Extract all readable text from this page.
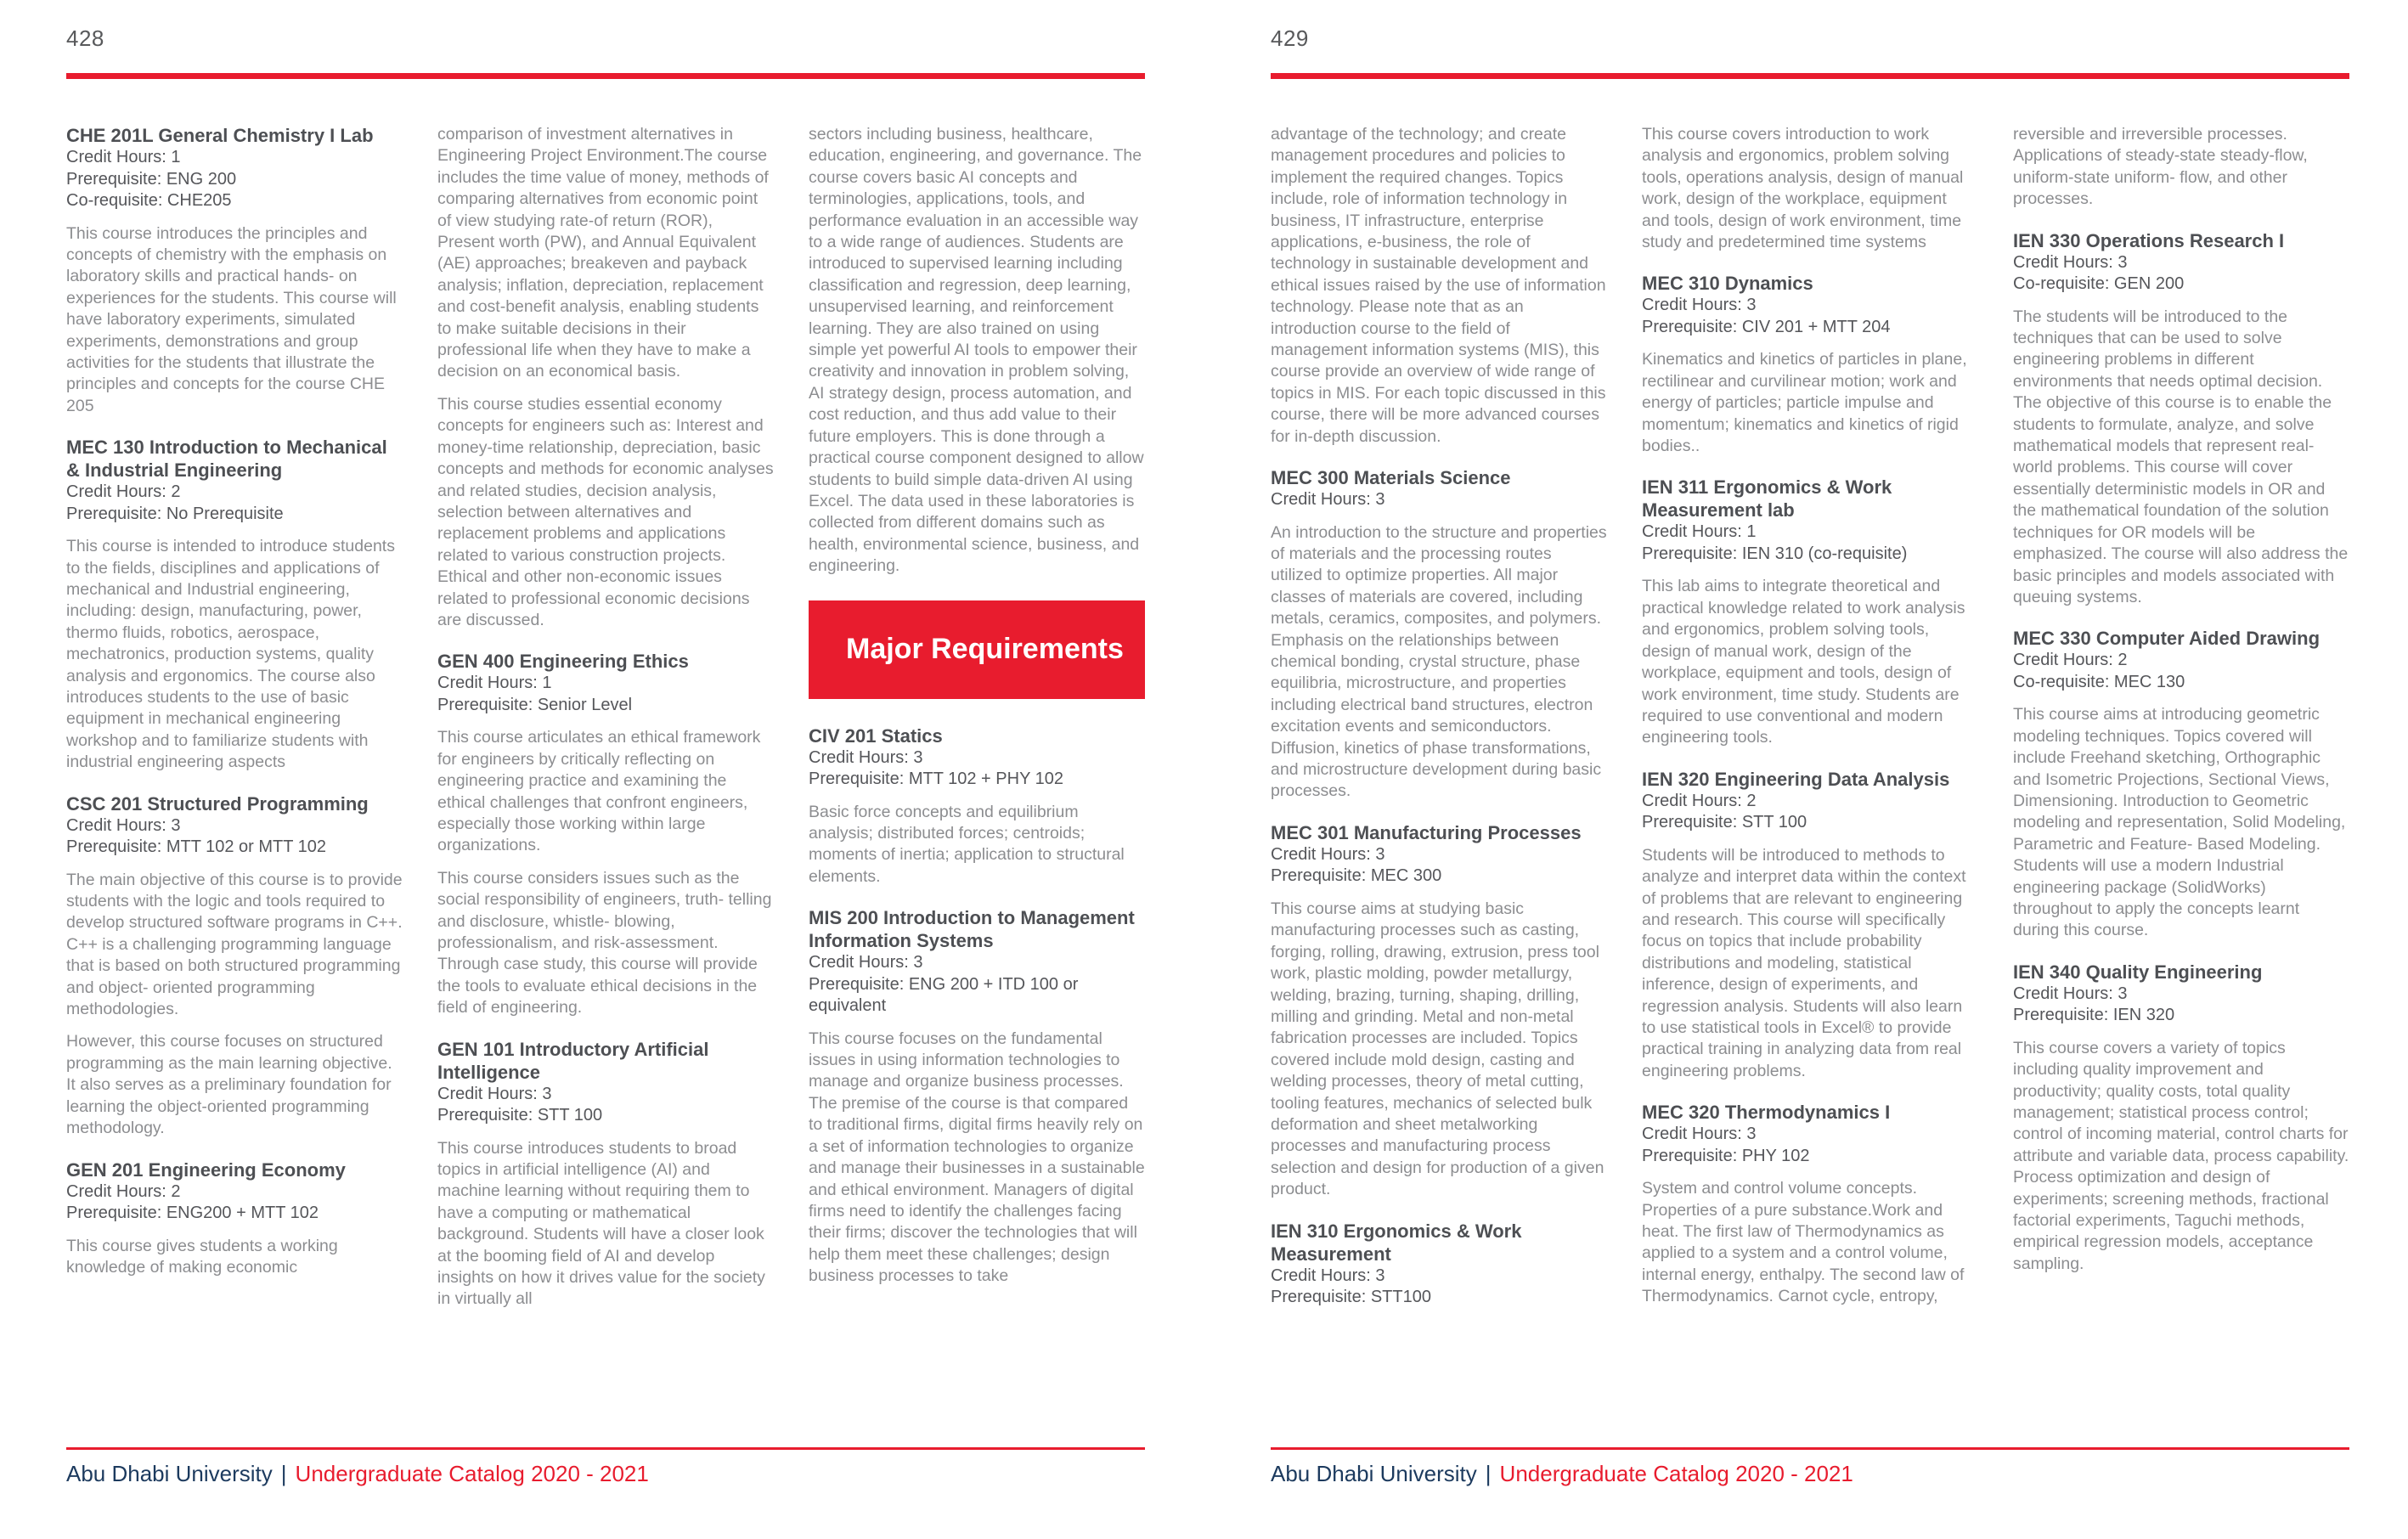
428
CHE 201L General Chemistry I Lab
Credit Hours: 1
Prerequisite: ENG 200
Co-requisite: CHE205

This course introduces the principles and concepts of chemistry with the emphasis on laboratory skills and practical hands- on experiences for the students. This course will have laboratory experiments, simulated experiments, demonstrations and group activities for the students that illustrate the principles and concepts for the course CHE 205

MEC 130 Introduction to Mechanical & Industrial Engineering
Credit Hours: 2
Prerequisite: No Prerequisite

This course is intended to introduce students to the fields, disciplines and applications of mechanical and Industrial engineering, including: design, manufacturing, power, thermo fluids, robotics, aerospace, mechatronics, production systems, quality analysis and ergonomics. The course also introduces students to the use of basic equipment in mechanical engineering workshop and to familiarize students with industrial engineering aspects

CSC 201 Structured Programming
Credit Hours: 3
Prerequisite: MTT 102 or MTT 102

The main objective of this course is to provide students with the logic and tools required to develop structured software programs in C++. C++ is a challenging programming language that is based on both structured programming and object- oriented programming methodologies.

However, this course focuses on structured programming as the main learning objective. It also serves as a preliminary foundation for learning the object-oriented programming methodology.

GEN 201 Engineering Economy
Credit Hours: 2
Prerequisite: ENG200 + MTT 102

This course gives students a working knowledge of making economic

comparison of investment alternatives in Engineering Project Environment.The course includes the time value of money, methods of comparing alternatives from economic point of view studying rate-of return (ROR), Present worth (PW), and Annual Equivalent (AE) approaches; breakeven and payback analysis; inflation, depreciation, replacement and cost-benefit analysis, enabling students to make suitable decisions in their professional life when they have to make a decision on an economical basis.

This course studies essential economy concepts for engineers such as: Interest and money-time relationship, depreciation, basic concepts and methods for economic analyses and related studies, decision analysis, selection between alternatives and replacement problems and applications related to various construction projects. Ethical and other non-economic issues related to professional economic decisions are discussed.

GEN 400 Engineering Ethics
Credit Hours: 1
Prerequisite: Senior Level

This course articulates an ethical framework for engineers by critically reflecting on engineering practice and examining the ethical challenges that confront engineers, especially those working within large organizations.

This course considers issues such as the social responsibility of engineers, truth- telling and disclosure, whistle- blowing, professionalism, and risk-assessment. Through case study, this course will provide the tools to evaluate ethical decisions in the field of engineering.

GEN 101 Introductory Artificial Intelligence
Credit Hours: 3
Prerequisite: STT 100

This course introduces students to broad topics in artificial intelligence (AI) and machine learning without requiring them to have a computing or mathematical background. Students will have a closer look at the booming field of AI and develop insights on how it drives value for the society in virtually all

sectors including business, healthcare, education, engineering, and governance. The course covers basic AI concepts and terminologies, applications, tools, and performance evaluation in an accessible way to a wide range of audiences. Students are introduced to supervised learning including classification and regression, deep learning, unsupervised learning, and reinforcement learning. They are also trained on using simple yet powerful AI tools to empower their creativity and innovation in problem solving, AI strategy design, process automation, and cost reduction, and thus add value to their future employers. This is done through a practical course component designed to allow students to build simple data-driven AI using Excel. The data used in these laboratories is collected from different domains such as health, environmental science, business, and engineering.

Major Requirements
CIV 201 Statics
Credit Hours: 3
Prerequisite: MTT 102 + PHY 102

Basic force concepts and equilibrium analysis; distributed forces; centroids; moments of inertia; application to structural elements.

MIS 200 Introduction to Management Information Systems
Credit Hours: 3
Prerequisite: ENG 200 + ITD 100 or equivalent

This course focuses on the fundamental issues in using information technologies to manage and organize business processes. The premise of the course is that compared to traditional firms, digital firms heavily rely on a set of information technologies to organize and manage their businesses in a sustainable and ethical environment. Managers of digital firms need to identify the challenges facing their firms; discover the technologies that will help them meet these challenges; design business processes to take

Abu Dhabi University | Undergraduate Catalog 2020 - 2021
429

advantage of the technology; and create management procedures and policies to implement the required changes. Topics include, role of information technology in business, IT infrastructure, enterprise applications, e-business, the role of technology in sustainable development and ethical issues raised by the use of information technology. Please note that as an introduction course to the field of management information systems (MIS), this course provide an overview of wide range of topics in MIS. For each topic discussed in this course, there will be more advanced courses for in-depth discussion.

MEC 300 Materials Science
Credit Hours: 3

An introduction to the structure and properties of materials and the processing routes utilized to optimize properties. All major classes of materials are covered, including metals, ceramics, composites, and polymers. Emphasis on the relationships between chemical bonding, crystal structure, phase equilibria, microstructure, and properties including electrical band structures, electron excitation events and semiconductors. Diffusion, kinetics of phase transformations, and microstructure development during basic processes.

MEC 301 Manufacturing Processes
Credit Hours: 3
Prerequisite: MEC 300

This course aims at studying basic manufacturing processes such as casting, forging, rolling, drawing, extrusion, press tool work, plastic molding, powder metallurgy, welding, brazing, turning, shaping, drilling, milling and grinding. Metal and non-metal fabrication processes are included. Topics covered include mold design, casting and welding processes, theory of metal cutting, tooling features, mechanics of selected bulk deformation and sheet metalworking processes and manufacturing process selection and design for production of a given product.

IEN 310 Ergonomics & Work Measurement
Credit Hours: 3
Prerequisite: STT100

This course covers introduction to work analysis and ergonomics, problem solving tools, operations analysis, design of manual work, design of the workplace, equipment and tools, design of work environment, time study and predetermined time systems

MEC 310 Dynamics
Credit Hours: 3
Prerequisite: CIV 201 + MTT 204

Kinematics and kinetics of particles in plane, rectilinear and curvilinear motion; work and energy of particles; particle impulse and momentum; kinematics and kinetics of rigid bodies..

IEN 311 Ergonomics & Work Measurement lab
Credit Hours: 1
Prerequisite: IEN 310 (co-requisite)

This lab aims to integrate theoretical and practical knowledge related to work analysis and ergonomics, problem solving tools, design of manual work, design of the workplace, equipment and tools, design of work environment, time study. Students are required to use conventional and modern engineering tools.

IEN 320 Engineering Data Analysis
Credit Hours: 2
Prerequisite: STT 100

Students will be introduced to methods to analyze and interpret data within the context of problems that are relevant to engineering and research. This course will specifically focus on topics that include probability distributions and modeling, statistical inference, design of experiments, and regression analysis. Students will also learn to use statistical tools in Excel® to provide practical training in analyzing data from real engineering problems.

MEC 320 Thermodynamics I
Credit Hours: 3
Prerequisite: PHY 102

System and control volume concepts. Properties of a pure substance.Work and heat. The first law of Thermodynamics as applied to a system and a control volume, internal energy, enthalpy. The second law of Thermodynamics. Carnot cycle, entropy,

reversible and irreversible processes. Applications of steady-state steady-flow, uniform-state uniform- flow, and other processes.

IEN 330 Operations Research I
Credit Hours: 3
Co-requisite: GEN 200

The students will be introduced to the techniques that can be used to solve engineering problems in different environments that needs optimal decision. The objective of this course is to enable the students to formulate, analyze, and solve mathematical models that represent real-world problems. This course will cover essentially deterministic models in OR and the mathematical foundation of the solution techniques for OR models will be emphasized. The course will also address the basic principles and models associated with queuing systems.

MEC 330 Computer Aided Drawing
Credit Hours: 2
Co-requisite: MEC 130

This course aims at introducing geometric modeling techniques. Topics covered will include Freehand sketching, Orthographic and Isometric Projections, Sectional Views, Dimensioning. Introduction to Geometric modeling and representation, Solid Modeling, Parametric and Feature- Based Modeling. Students will use a modern Industrial engineering package (SolidWorks) throughout to apply the concepts learnt during this course.

IEN 340 Quality Engineering
Credit Hours: 3
Prerequisite: IEN 320

This course covers a variety of topics including quality improvement and productivity; quality costs, total quality management; statistical process control; control of incoming material, control charts for attribute and variable data, process capability. Process optimization and design of experiments; screening methods, fractional factorial experiments, Taguchi methods, empirical regression models, acceptance sampling.

Abu Dhabi University | Undergraduate Catalog 2020 - 2021
